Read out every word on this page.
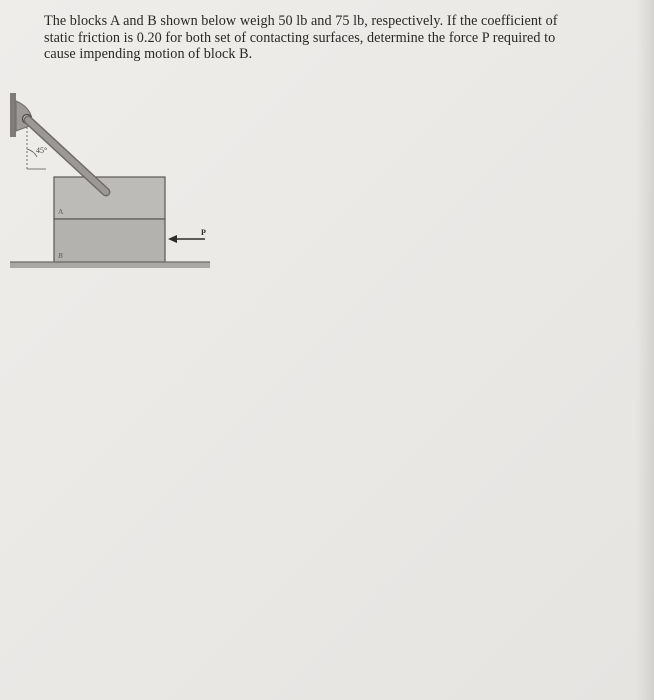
The blocks A and B shown below weigh 50 lb and 75 lb, respectively. If the coefficient of
static friction is 0.20 for both set of contacting surfaces, determine the force P required to
cause impending motion of block B.

45°
A
B
P
